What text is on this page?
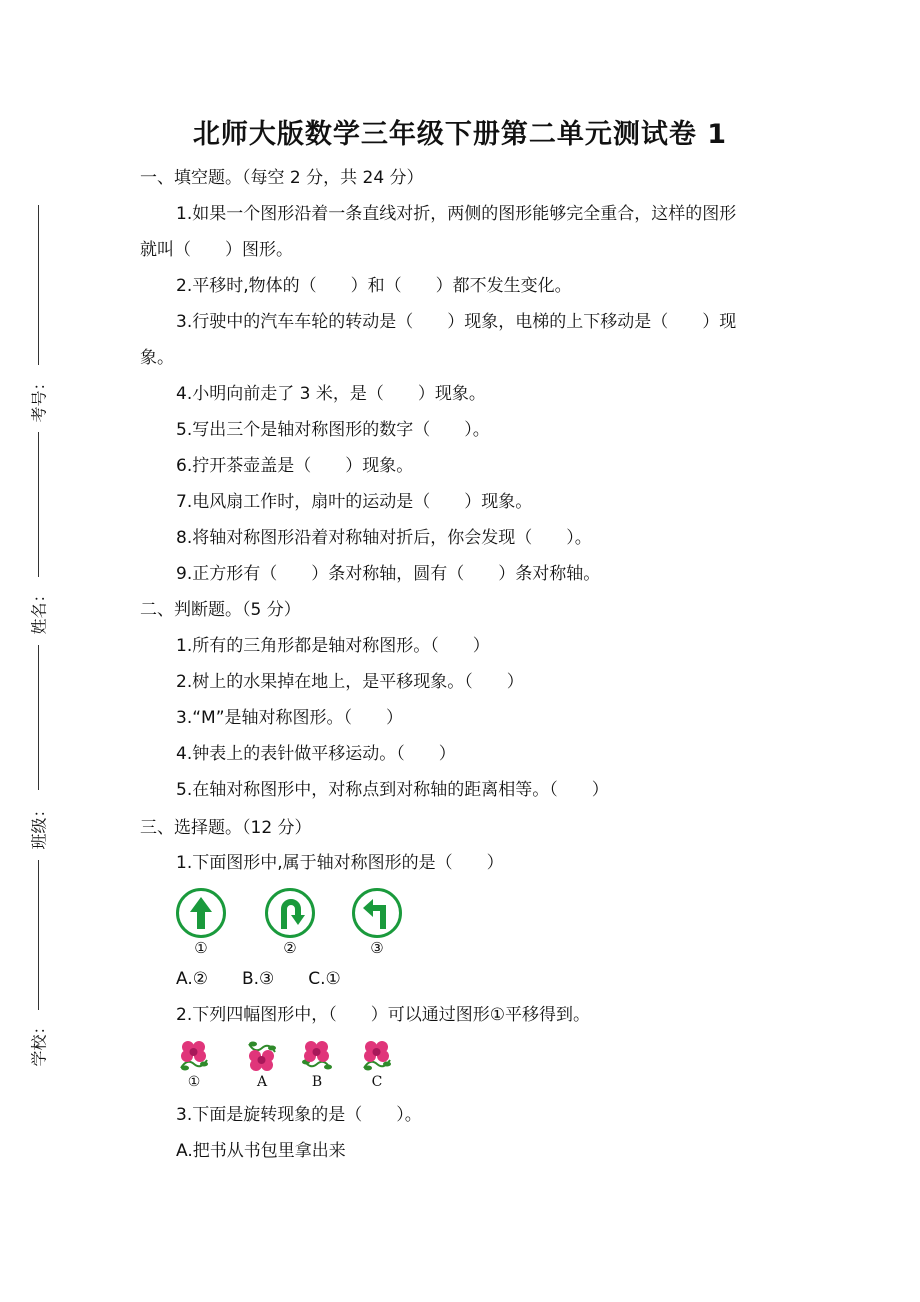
考号：
姓名：
班级：
学校：
北师大版数学三年级下册第二单元测试卷 1
一、填空题。（每空 2 分，共 24 分）
1.如果一个图形沿着一条直线对折，两侧的图形能够完全重合，这样的图形
就叫（　　）图形。
2.平移时,物体的（　　）和（　　）都不发生变化。
3.行驶中的汽车车轮的转动是（　　）现象，电梯的上下移动是（　　）现
象。
4.小明向前走了 3 米，是（　　）现象。
5.写出三个是轴对称图形的数字（　　）。
6.拧开茶壶盖是（　　）现象。
7.电风扇工作时，扇叶的运动是（　　）现象。
8.将轴对称图形沿着对称轴对折后，你会发现（　　）。
9.正方形有（　　）条对称轴，圆有（　　）条对称轴。
二、判断题。（5 分）
1.所有的三角形都是轴对称图形。（　　）
2.树上的水果掉在地上，是平移现象。（　　）
3.“M”是轴对称图形。（　　）
4.钟表上的表针做平移运动。（　　）
5.在轴对称图形中，对称点到对称轴的距离相等。（　　）
三、选择题。（12 分）
1.下面图形中,属于轴对称图形的是（　　）
①	②	③
A.②　　B.③　　C.①
2.下列四幅图形中，（　　）可以通过图形①平移得到。
①	A	B	C
3.下面是旋转现象的是（　　）。
A.把书从书包里拿出来
